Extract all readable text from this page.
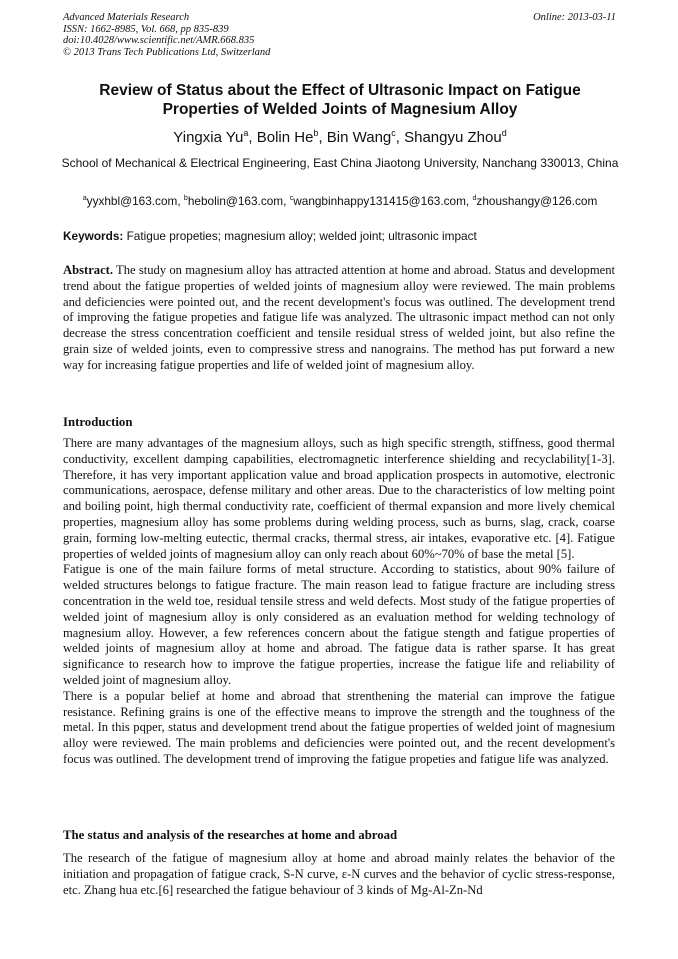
Advanced Materials Research
ISSN: 1662-8985, Vol. 668, pp 835-839
doi:10.4028/www.scientific.net/AMR.668.835
© 2013 Trans Tech Publications Ltd, Switzerland
Online: 2013-03-11
Review of Status about the Effect of Ultrasonic Impact on Fatigue Properties of Welded Joints of Magnesium Alloy
Yingxia Yu$^a$, Bolin He$^b$, Bin Wang$^c$, Shangyu Zhou$^d$
School of Mechanical & Electrical Engineering, East China Jiaotong University, Nanchang 330013, China
$^a$yyxhbl@163.com, $^b$hebolin@163.com, $^c$wangbinhappy131415@163.com, $^d$zhoushangy@126.com
Keywords: Fatigue propeties; magnesium alloy; welded joint; ultrasonic impact

Abstract. The study on magnesium alloy has attracted attention at home and abroad. Status and development trend about the fatigue properties of welded joints of magnesium alloy were reviewed. The main problems and deficiencies were pointed out, and the recent development's focus was outlined. The development trend of improving the fatigue propeties and fatigue life was analyzed. The ultrasonic impact method can not only decrease the stress concentration coefficient and tensile residual stress of welded joint, but also refine the grain size of welded joints, even to compressive stress and nanograins. The method has put forward a new way for increasing fatigue properties and life of welded joint of magnesium alloy.

Introduction

There are many advantages of the magnesium alloys, such as high specific strength, stiffness, good thermal conductivity, excellent damping capabilities, electromagnetic interference shielding and recyclability[1-3]. Therefore, it has very important application value and broad application prospects in automotive, electronic communications, aerospace, defense military and other areas. Due to the characteristics of low melting point and boiling point, high thermal conductivity rate, coefficient of thermal expansion and more lively chemical properties, magnesium alloy has some problems during welding process, such as burns, slag, crack, coarse grain, forming low-melting eutectic, thermal cracks, thermal stress, air intakes, evaporative etc. [4]. Fatigue properties of welded joints of magnesium alloy can only reach about 60%~70% of base the metal [5].

Fatigue is one of the main failure forms of metal structure. According to statistics, about 90% failure of welded structures belongs to fatigue fracture. The main reason lead to fatigue fracture are including stress concentration in the weld toe, residual tensile stress and weld defects. Most study of the fatigue properties of welded joint of magnesium alloy is only considered as an evaluation method for welding technology of magnesium alloy. However, a few references concern about the fatigue stength and fatigue properties of welded joints of magnesium alloy at home and abroad. The fatigue data is rather sparse. It has great significance to research how to improve the fatigue properties, increase the fatigue life and reliability of welded joint of magnesium alloy.

There is a popular belief at home and abroad that strenthening the material can improve the fatigue resistance. Refining grains is one of the effective means to improve the strength and the toughness of the metal. In this pqper, status and development trend about the fatigue properties of welded joint of magnesium alloy were reviewed. The main problems and deficiencies were pointed out, and the recent development's focus was outlined. The development trend of improving the fatigue propeties and fatigue life was analyzed.

The status and analysis of the researches at home and abroad

The research of the fatigue of magnesium alloy at home and abroad mainly relates the behavior of the initiation and propagation of fatigue crack, S-N curve, ε-N curves and the behavior of cyclic stress-response, etc. Zhang hua etc.[6] researched the fatigue behaviour of 3 kinds of Mg-Al-Zn-Nd
